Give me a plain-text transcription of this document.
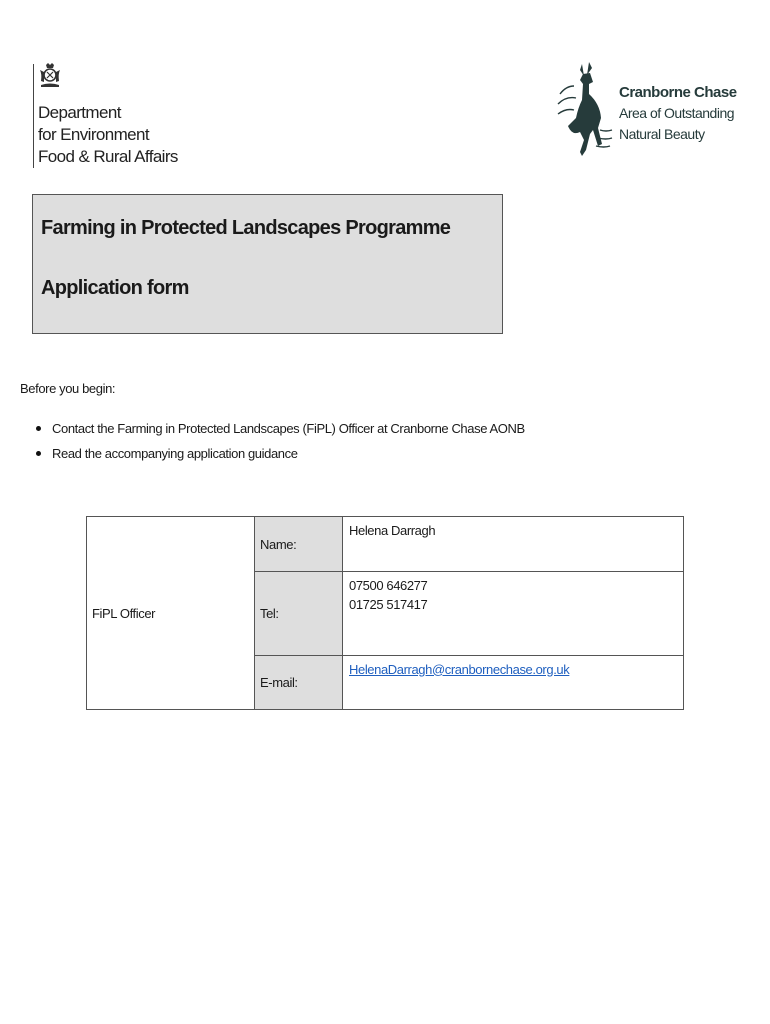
Department
for Environment
Food & Rural Affairs
Cranborne Chase
Area of Outstanding
Natural Beauty
Farming in Protected Landscapes Programme
Application form
Before you begin:
Contact the Farming in Protected Landscapes (FiPL) Officer at Cranborne Chase AONB
Read the accompanying application guidance
FiPL Officer	Name:	Helena Darragh
	Tel:	07500 646277
01725 517417

	E-mail:	HelenaDarragh@cranbornechase.org.uk
